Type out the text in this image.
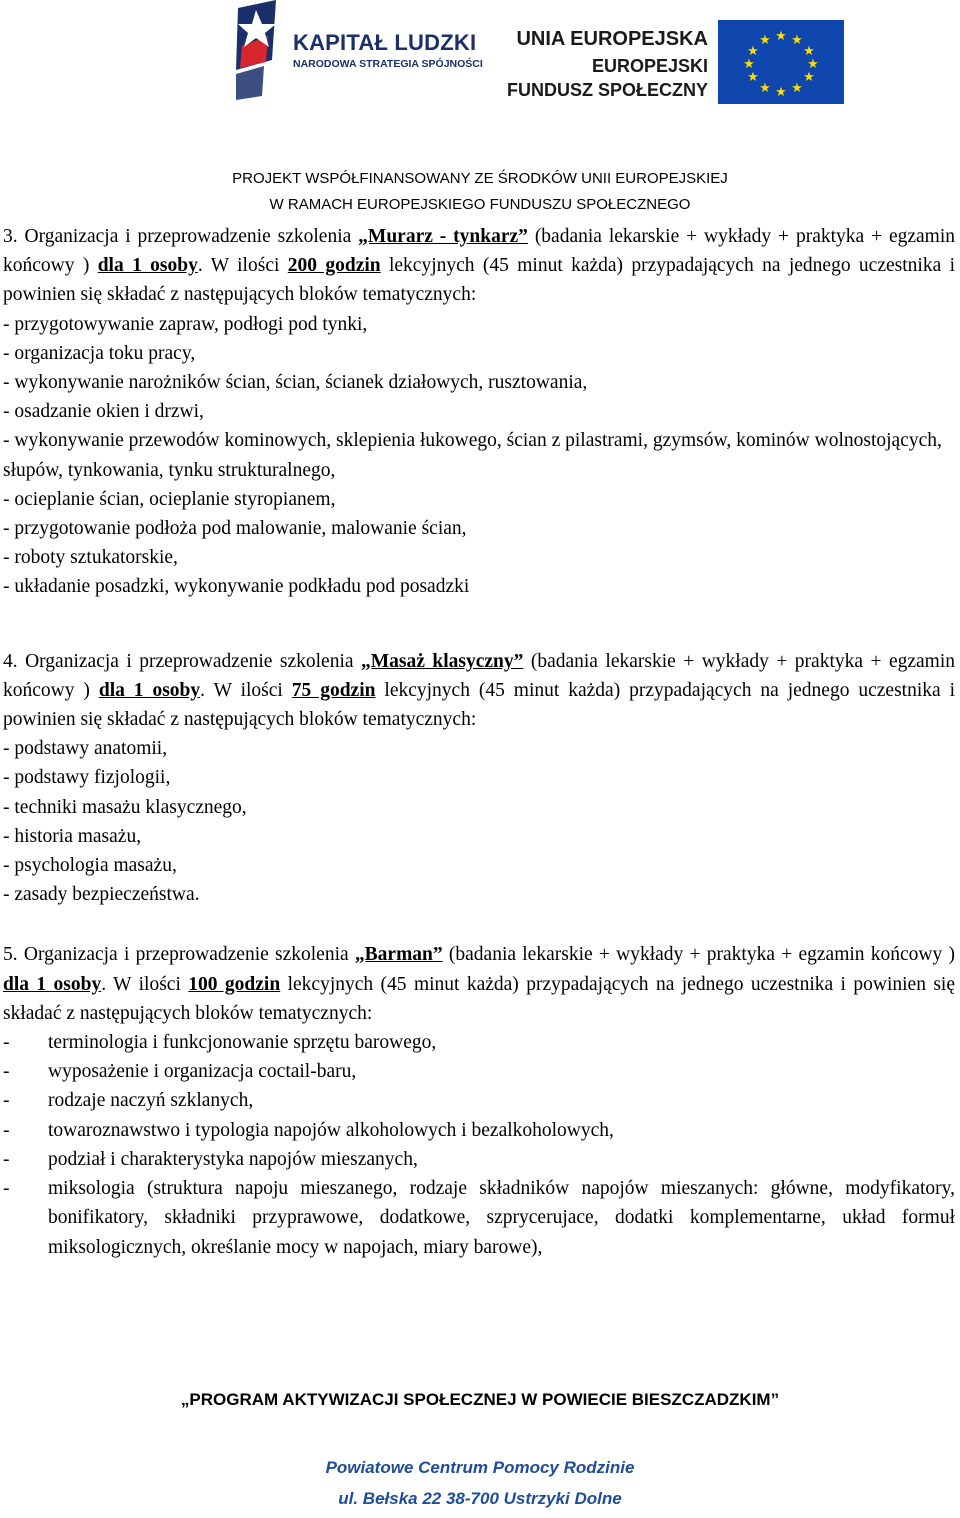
KAPITAŁ LUDZKI
NARODOWA STRATEGIA SPÓJNOŚCI
UNIA EUROPEJSKA
EUROPEJSKI
FUNDUSZ SPOŁECZNY
★ ★
★
★
★
★
★
★
★
★
★
★
PROJEKT WSPÓŁFINANSOWANY ZE ŚRODKÓW UNII EUROPEJSKIEJ
W RAMACH EUROPEJSKIEGO FUNDUSZU SPOŁECZNEGO

3. Organizacja i przeprowadzenie szkolenia „Murarz - tynkarz” (badania lekarskie + wykłady + praktyka + egzamin końcowy ) dla 1 osoby. W ilości 200 godzin lekcyjnych (45 minut każda) przypadających na jednego uczestnika i powinien się składać z następujących bloków tematycznych:

- przygotowywanie zapraw, podłogi pod tynki,

- organizacja toku pracy,

- wykonywanie narożników ścian, ścian, ścianek działowych, rusztowania,

- osadzanie okien i drzwi,

- wykonywanie przewodów kominowych, sklepienia łukowego, ścian z pilastrami, gzymsów, kominów wolnostojących, słupów, tynkowania, tynku strukturalnego,

- ocieplanie ścian, ocieplanie styropianem,

- przygotowanie podłoża pod malowanie, malowanie ścian,

- roboty sztukatorskie,

- układanie posadzki, wykonywanie podkładu pod posadzki

4. Organizacja i przeprowadzenie szkolenia „Masaż klasyczny” (badania lekarskie + wykłady + praktyka + egzamin końcowy ) dla 1 osoby. W ilości 75 godzin lekcyjnych (45 minut każda) przypadających na jednego uczestnika i powinien się składać z następujących bloków tematycznych:

- podstawy anatomii,

- podstawy fizjologii,

- techniki masażu klasycznego,

- historia masażu,

- psychologia masażu,

- zasady bezpieczeństwa.

5. Organizacja i przeprowadzenie szkolenia „Barman” (badania lekarskie + wykłady + praktyka + egzamin końcowy ) dla 1 osoby. W ilości 100 godzin lekcyjnych (45 minut każda) przypadających na jednego uczestnika i powinien się składać z następujących bloków tematycznych:

-	terminologia i funkcjonowanie sprzętu barowego,
-	wyposażenie i organizacja coctail-baru,
-	rodzaje naczyń szklanych,
-	towaroznawstwo i typologia napojów alkoholowych i bezalkoholowych,
-	podział i charakterystyka napojów mieszanych,
-	miksologia (struktura napoju mieszanego, rodzaje składników napojów mieszanych: główne, modyfikatory, bonifikatory, składniki przyprawowe, dodatkowe, szprycerujace, dodatki komplementarne, układ formuł miksologicznych, określanie mocy w napojach, miary barowe),
„PROGRAM AKTYWIZACJI SPOŁECZNEJ W POWIECIE BIESZCZADZKIM”
Powiatowe Centrum Pomocy Rodzinie
ul. Bełska 22 38-700 Ustrzyki Dolne
